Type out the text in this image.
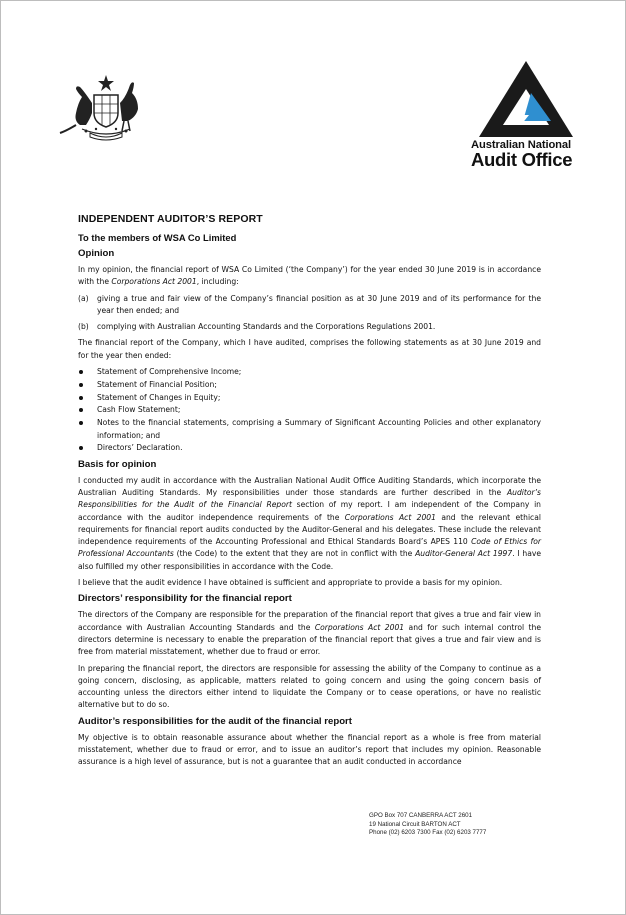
Australian National
Audit Office
INDEPENDENT AUDITOR’S REPORT
To the members of WSA Co Limited
Opinion
In my opinion, the financial report of WSA Co Limited (‘the Company’) for the year ended 30 June 2019 is in accordance with the Corporations Act 2001, including:
(a) giving a true and fair view of the Company’s financial position as at 30 June 2019 and of its performance for the year then ended; and
(b) complying with Australian Accounting Standards and the Corporations Regulations 2001.
The financial report of the Company, which I have audited, comprises the following statements as at 30 June 2019 and for the year then ended:
Statement of Comprehensive Income;
Statement of Financial Position;
Statement of Changes in Equity;
Cash Flow Statement;
Notes to the financial statements, comprising a Summary of Significant Accounting Policies and other explanatory information; and
Directors’ Declaration.
Basis for opinion
I conducted my audit in accordance with the Australian National Audit Office Auditing Standards, which incorporate the Australian Auditing Standards. My responsibilities under those standards are further described in the Auditor’s Responsibilities for the Audit of the Financial Report section of my report. I am independent of the Company in accordance with the auditor independence requirements of the Corporations Act 2001 and the relevant ethical requirements for financial report audits conducted by the Auditor-General and his delegates. These include the relevant independence requirements of the Accounting Professional and Ethical Standards Board’s APES 110 Code of Ethics for Professional Accountants (the Code) to the extent that they are not in conflict with the Auditor-General Act 1997. I have also fulfilled my other responsibilities in accordance with the Code.
I believe that the audit evidence I have obtained is sufficient and appropriate to provide a basis for my opinion.
Directors’ responsibility for the financial report
The directors of the Company are responsible for the preparation of the financial report that gives a true and fair view in accordance with Australian Accounting Standards and the Corporations Act 2001 and for such internal control the directors determine is necessary to enable the preparation of the financial report that gives a true and fair view and is free from material misstatement, whether due to fraud or error.
In preparing the financial report, the directors are responsible for assessing the ability of the Company to continue as a going concern, disclosing, as applicable, matters related to going concern and using the going concern basis of accounting unless the directors either intend to liquidate the Company or to cease operations, or have no realistic alternative but to do so.
Auditor’s responsibilities for the audit of the financial report
My objective is to obtain reasonable assurance about whether the financial report as a whole is free from material misstatement, whether due to fraud or error, and to issue an auditor’s report that includes my opinion. Reasonable assurance is a high level of assurance, but is not a guarantee that an audit conducted in accordance
GPO Box 707 CANBERRA ACT 2601
19 National Circuit BARTON ACT
Phone (02) 6203 7300 Fax (02) 6203 7777
